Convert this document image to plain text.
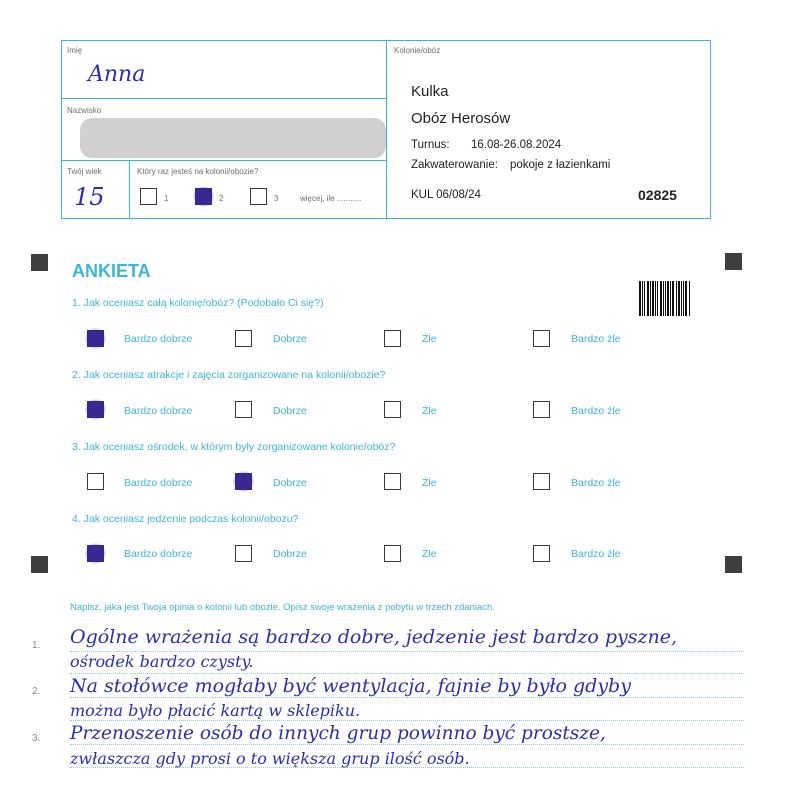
Imię
Anna
Nazwisko
Twój wiek
15
Który raz jesteś na kolonii/obozie?
1	2	3	więcej, ile ...........
Kolonie/obóz
Kulka
Obóz Herosów
Turnus: 16.08-26.08.2024
Zakwaterowanie: pokoje z łazienkami
KUL 06/08/24	02825
ANKIETA
1. Jak oceniasz całą kolonię/obóz? (Podobało Ci się?)
Bardzo dobrze	Dobrze	Źle	Bardzo źle
2. Jak oceniasz atrakcje i zajęcia zorganizowane na kolonii/obozie?
Bardzo dobrze	Dobrze	Źle	Bardzo źle
3. Jak oceniasz ośrodek, w którym były zorganizowane kolonie/obóz?
Bardzo dobrze	Dobrze	Źle	Bardzo źle
4. Jak oceniasz jedzenie podczas kolonii/obozu?
Bardzo dobrze	Dobrze	Źle	Bardzo źle
Napisz, jaka jest Twoja opinia o kolonii lub obozie. Opisz swoje wrażenia z pobytu w trzech zdaniach.
1.
2.
3.
Ogólne wrażenia są bardzo dobre, jedzenie jest bardzo pyszne,
ośrodek bardzo czysty.
Na stołówce mogłaby być wentylacja, fajnie by było gdyby
można było płacić kartą w sklepiku.
Przenoszenie osób do innych grup powinno być prostsze,
zwłaszcza gdy prosi o to większa grup ilość osób.
